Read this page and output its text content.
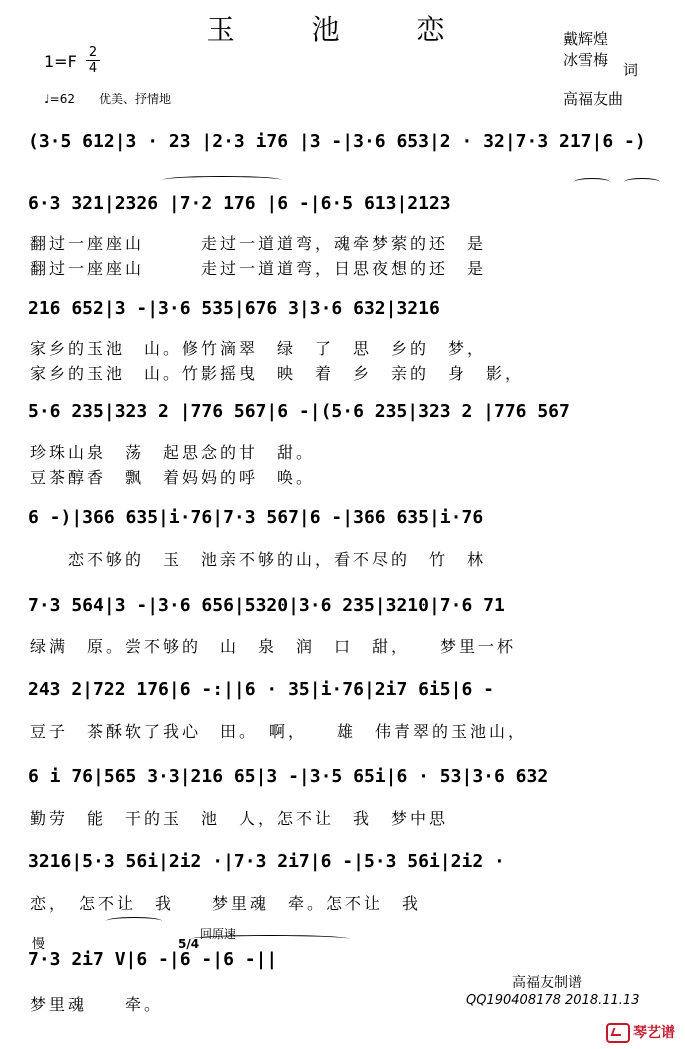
玉 池 恋
1=F 2
4
♩=62　　优美、抒情地
戴辉煌
冰雪梅
词
高福友曲
(3·5 612|3 · 23 |2·3 i76 |3 -|3·6 653|2 · 32|7·3 217|6 -)
6·3 321|2326 |7·2 176 |6 -|6·5 613|2123
翻过一座座山　　　走过一道道弯，魂牵梦萦的还　是
翻过一座座山　　　走过一道道弯，日思夜想的还　是
216 652|3 -|3·6 535|676 3|3·6 632|3216
家乡的玉池　山。修竹滴翠　绿　了　思　乡的　梦，
家乡的玉池　山。竹影摇曳　映　着　乡　亲的　身　影，
5·6 235|323 2 |776 567|6 -|(5·6 235|323 2 |776 567
珍珠山泉　荡　起思念的甘　甜。
豆茶醇香　飘　着妈妈的呼　唤。
6 -)|366 635|i·76|7·3 567|6 -|366 635|i·76
　　恋不够的　玉　池亲不够的山，看不尽的　竹　林
7·3 564|3 -|3·6 656|5320|3·6 235|3210|7·6 71
绿满　原。尝不够的　山　泉　润　口　甜，　　梦里一杯
243 2|722 176|6 -:||6 · 35|i·76|2i7 6i5|6 -
豆子　茶酥软了我心　田。　啊，　　雄　伟青翠的玉池山，
6 i 76|565 3·3|216 65|3 -|3·5 65i|6 · 53|3·6 632
勤劳　能　干的玉　池　人，怎不让　我　梦中思
3216|5·3 56i|2i2 ·|7·3 2i7|6 -|5·3 56i|2i2 ·
恋，　怎不让　我　　梦里魂　牵。怎不让　我
慢
回原速
5/4
7·3 2i7 V|6 -|6 -|6 -||
梦里魂　　牵。
高福友制谱
QQ190408178 2018.11.13
琴艺谱
